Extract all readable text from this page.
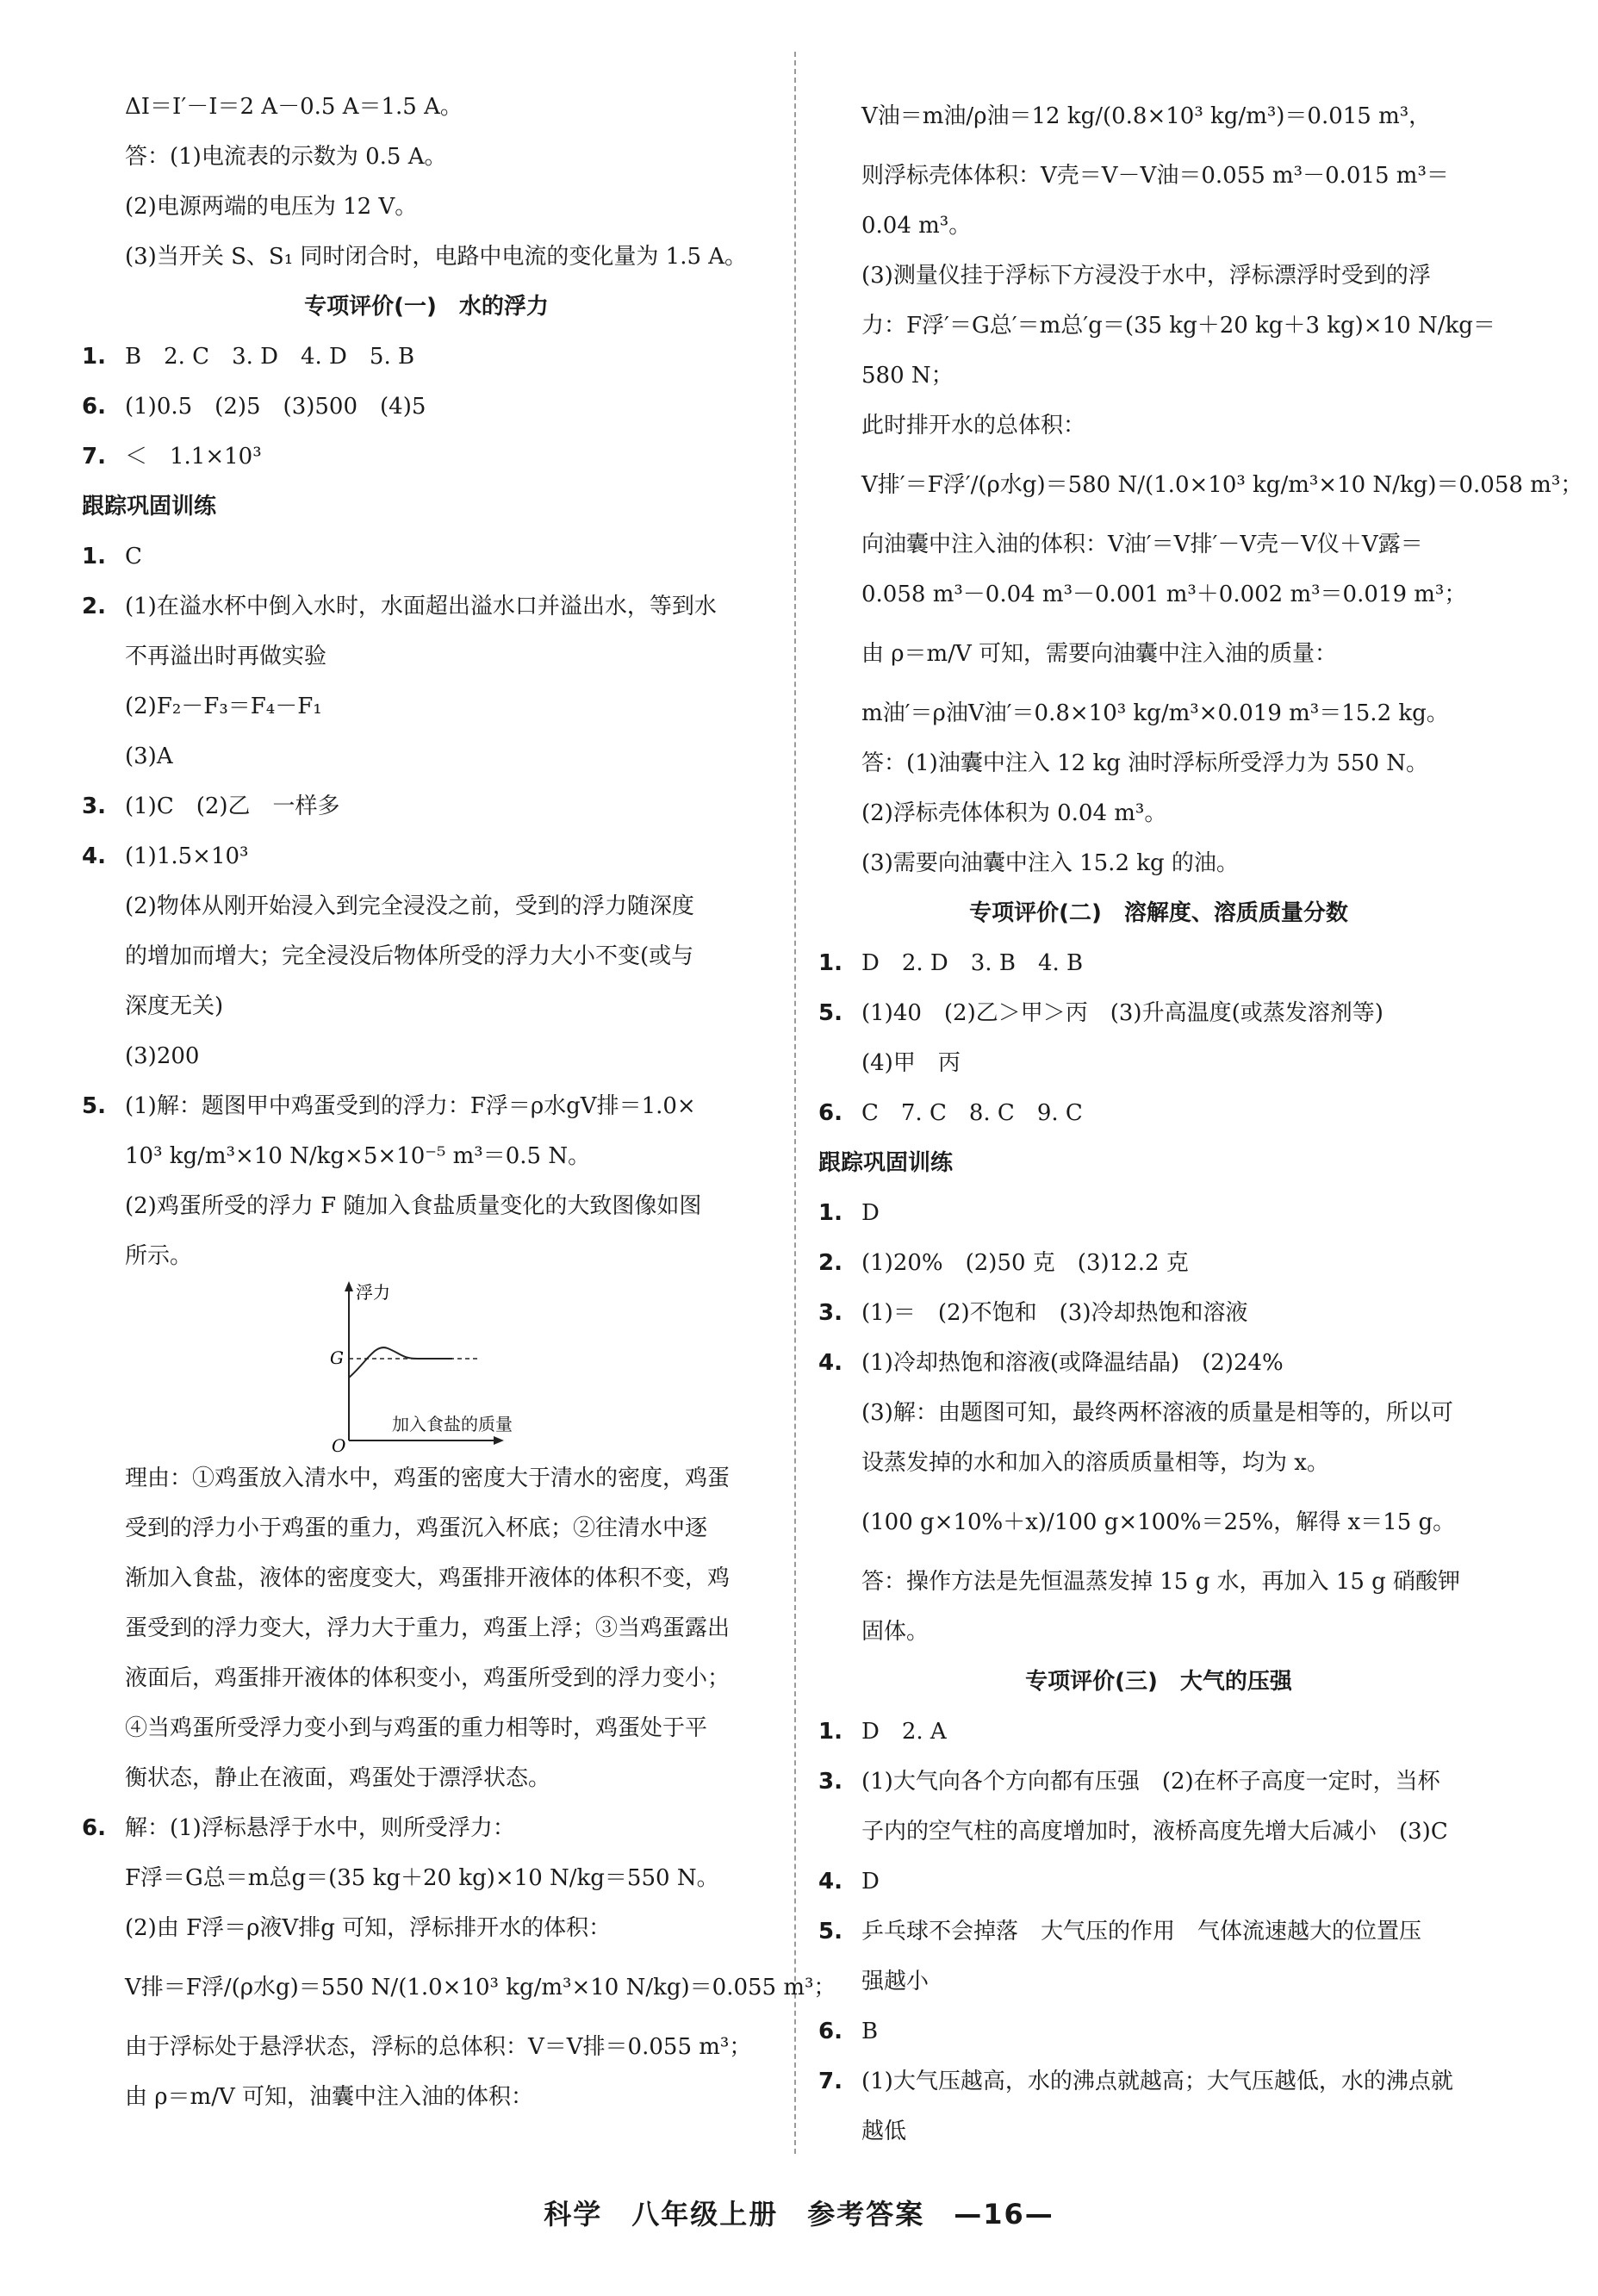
ΔI＝I′－I＝2 A－0.5 A＝1.5 A。
答：(1)电流表的示数为 0.5 A。
(2)电源两端的电压为 12 V。
(3)当开关 S、S₁ 同时闭合时，电路中电流的变化量为 1.5 A。
专项评价(一)　水的浮力
1. B　2. C　3. D　4. D　5. B
6. (1)0.5　(2)5　(3)500　(4)5
7. ＜　1.1×10³
跟踪巩固训练
1. C
2. (1)在溢水杯中倒入水时，水面超出溢水口并溢出水，等到水
不再溢出时再做实验
(2)F₂－F₃＝F₄－F₁
(3)A
3. (1)C　(2)乙　一样多
4. (1)1.5×10³
(2)物体从刚开始浸入到完全浸没之前，受到的浮力随深度
的增加而增大；完全浸没后物体所受的浮力大小不变(或与
深度无关)
(3)200
5. (1)解：题图甲中鸡蛋受到的浮力：F浮＝ρ水gV排＝1.0×
10³ kg/m³×10 N/kg×5×10⁻⁵ m³＝0.5 N。
(2)鸡蛋所受的浮力 F 随加入食盐质量变化的大致图像如图
所示。
浮力
G
O
加入食盐的质量
理由：①鸡蛋放入清水中，鸡蛋的密度大于清水的密度，鸡蛋
受到的浮力小于鸡蛋的重力，鸡蛋沉入杯底；②往清水中逐
渐加入食盐，液体的密度变大，鸡蛋排开液体的体积不变，鸡
蛋受到的浮力变大，浮力大于重力，鸡蛋上浮；③当鸡蛋露出
液面后，鸡蛋排开液体的体积变小，鸡蛋所受到的浮力变小；
④当鸡蛋所受浮力变小到与鸡蛋的重力相等时，鸡蛋处于平
衡状态，静止在液面，鸡蛋处于漂浮状态。
6. 解：(1)浮标悬浮于水中，则所受浮力：
F浮＝G总＝m总g＝(35 kg＋20 kg)×10 N/kg＝550 N。
(2)由 F浮＝ρ液V排g 可知，浮标排开水的体积：
V排＝F浮/(ρ水g)＝550 N/(1.0×10³ kg/m³×10 N/kg)＝0.055 m³；
由于浮标处于悬浮状态，浮标的总体积：V＝V排＝0.055 m³；
由 ρ＝m/V 可知，油囊中注入油的体积：
V油＝m油/ρ油＝12 kg/(0.8×10³ kg/m³)＝0.015 m³，
则浮标壳体体积：V壳＝V－V油＝0.055 m³－0.015 m³＝
0.04 m³。
(3)测量仪挂于浮标下方浸没于水中，浮标漂浮时受到的浮
力：F浮′＝G总′＝m总′g＝(35 kg＋20 kg＋3 kg)×10 N/kg＝
580 N；
此时排开水的总体积：
V排′＝F浮′/(ρ水g)＝580 N/(1.0×10³ kg/m³×10 N/kg)＝0.058 m³；
向油囊中注入油的体积：V油′＝V排′－V壳－V仪＋V露＝
0.058 m³－0.04 m³－0.001 m³＋0.002 m³＝0.019 m³；
由 ρ＝m/V 可知，需要向油囊中注入油的质量：
m油′＝ρ油V油′＝0.8×10³ kg/m³×0.019 m³＝15.2 kg。
答：(1)油囊中注入 12 kg 油时浮标所受浮力为 550 N。
(2)浮标壳体体积为 0.04 m³。
(3)需要向油囊中注入 15.2 kg 的油。
专项评价(二)　溶解度、溶质质量分数
1. D　2. D　3. B　4. B
5. (1)40　(2)乙＞甲＞丙　(3)升高温度(或蒸发溶剂等)
(4)甲　丙
6. C　7. C　8. C　9. C
跟踪巩固训练
1. D
2. (1)20%　(2)50 克　(3)12.2 克
3. (1)＝　(2)不饱和　(3)冷却热饱和溶液
4. (1)冷却热饱和溶液(或降温结晶)　(2)24%
(3)解：由题图可知，最终两杯溶液的质量是相等的，所以可
设蒸发掉的水和加入的溶质质量相等，均为 x。
(100 g×10%＋x)/100 g×100%＝25%，解得 x＝15 g。
答：操作方法是先恒温蒸发掉 15 g 水，再加入 15 g 硝酸钾
固体。
专项评价(三)　大气的压强
1. D　2. A
3. (1)大气向各个方向都有压强　(2)在杯子高度一定时，当杯
子内的空气柱的高度增加时，液桥高度先增大后减小　(3)C
4. D
5. 乒乓球不会掉落　大气压的作用　气体流速越大的位置压
强越小
6. B
7. (1)大气压越高，水的沸点就越高；大气压越低，水的沸点就
越低
科学　八年级上册　参考答案　—16—
